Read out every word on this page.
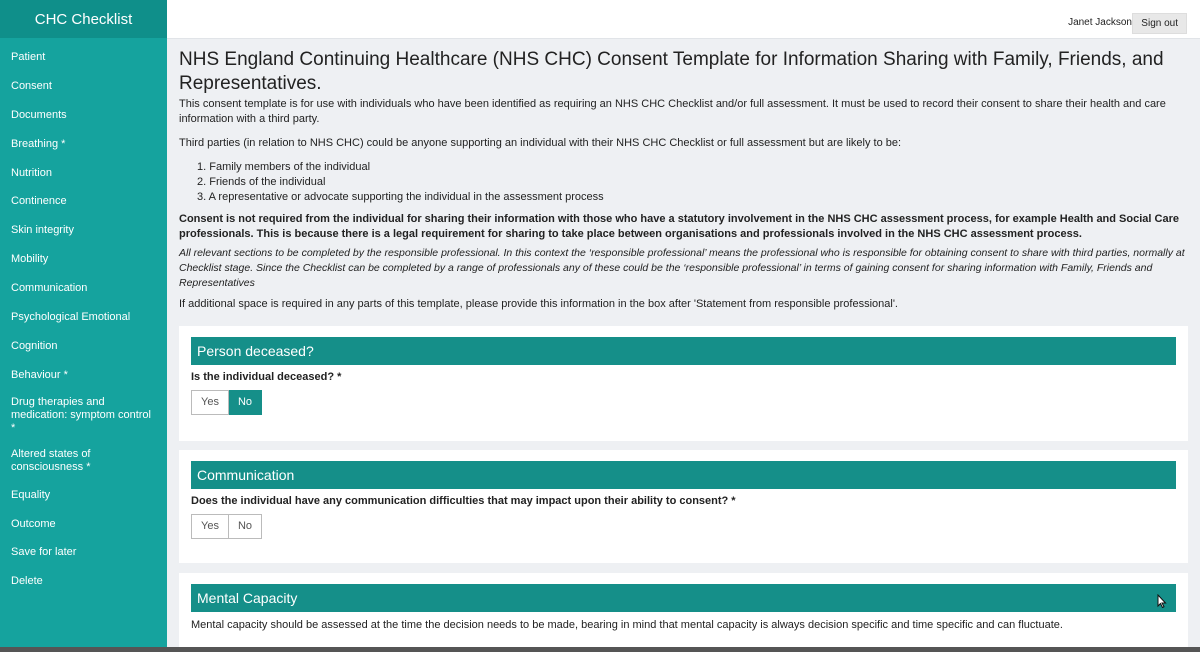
CHC Checklist
Patient
Consent
Documents
Breathing *
Nutrition
Continence
Skin integrity
Mobility
Communication
Psychological Emotional
Cognition
Behaviour *
Drug therapies and medication: symptom control *
Altered states of consciousness *
Equality
Outcome
Save for later
Delete
Janet Jackson Sign out
NHS England Continuing Healthcare (NHS CHC) Consent Template for Information Sharing with Family, Friends, and Representatives.

This consent template is for use with individuals who have been identified as requiring an NHS CHC Checklist and/or full assessment. It must be used to record their consent to share their health and care information with a third party.

Third parties (in relation to NHS CHC) could be anyone supporting an individual with their NHS CHC Checklist or full assessment but are likely to be:

1. Family members of the individual
2. Friends of the individual
3. A representative or advocate supporting the individual in the assessment process

Consent is not required from the individual for sharing their information with those who have a statutory involvement in the NHS CHC assessment process, for example Health and Social Care professionals. This is because there is a legal requirement for sharing to take place between organisations and professionals involved in the NHS CHC assessment process.

All relevant sections to be completed by the responsible professional. In this context the ‘responsible professional’ means the professional who is responsible for obtaining consent to share with third parties, normally at Checklist stage. Since the Checklist can be completed by a range of professionals any of these could be the ‘responsible professional’ in terms of gaining consent for sharing information with Family, Friends and Representatives

If additional space is required in any parts of this template, please provide this information in the box after 'Statement from responsible professional'.

Person deceased?
Is the individual deceased? *
Yes	No
Communication
Does the individual have any communication difficulties that may impact upon their ability to consent? *
Yes	No
Mental Capacity
Mental capacity should be assessed at the time the decision needs to be made, bearing in mind that mental capacity is always decision specific and time specific and can fluctuate.
